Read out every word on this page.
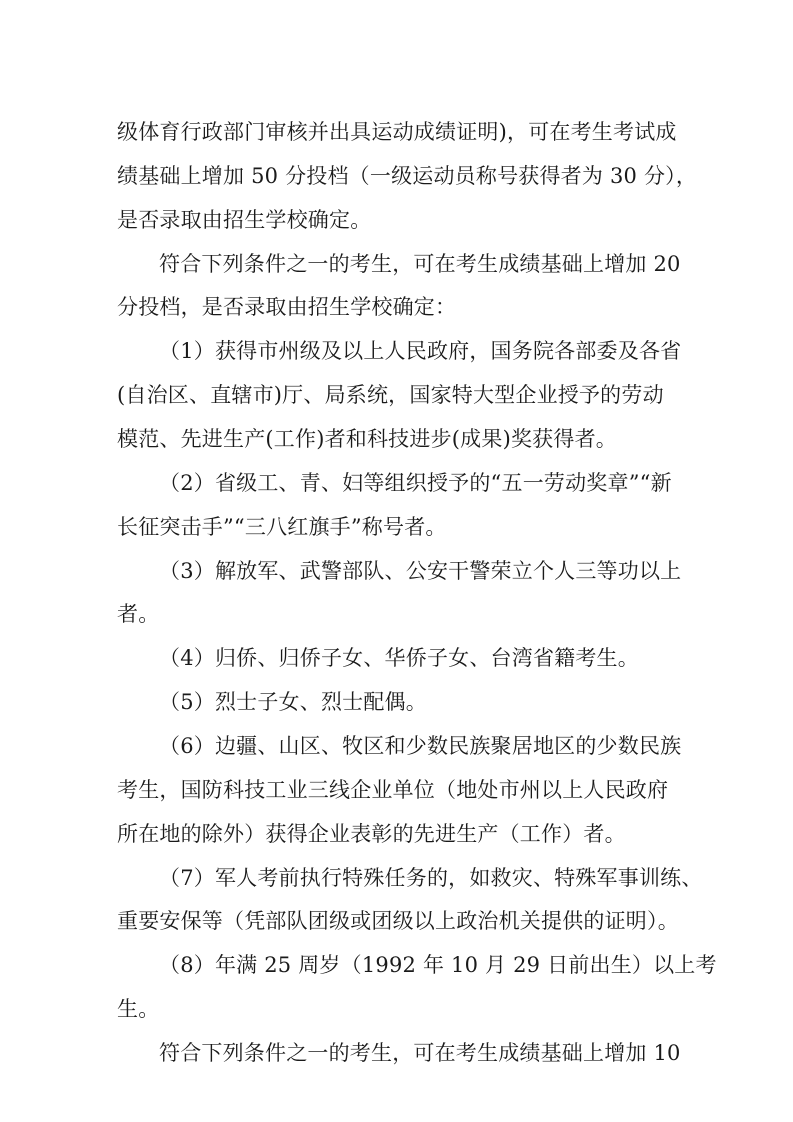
级体育行政部门审核并出具运动成绩证明)，可在考生考试成
绩基础上增加 50 分投档（一级运动员称号获得者为 30 分），
是否录取由招生学校确定。
符合下列条件之一的考生，可在考生成绩基础上增加 20
分投档，是否录取由招生学校确定：
（1）获得市州级及以上人民政府，国务院各部委及各省
(自治区、直辖市)厅、局系统，国家特大型企业授予的劳动
模范、先进生产(工作)者和科技进步(成果)奖获得者。
（2）省级工、青、妇等组织授予的“五一劳动奖章”“新
长征突击手”“三八红旗手”称号者。
（3）解放军、武警部队、公安干警荣立个人三等功以上
者。
（4）归侨、归侨子女、华侨子女、台湾省籍考生。
（5）烈士子女、烈士配偶。
（6）边疆、山区、牧区和少数民族聚居地区的少数民族
考生，国防科技工业三线企业单位（地处市州以上人民政府
所在地的除外）获得企业表彰的先进生产（工作）者。
（7）军人考前执行特殊任务的，如救灾、特殊军事训练、
重要安保等（凭部队团级或团级以上政治机关提供的证明）。
（8）年满 25 周岁（1992 年 10 月 29 日前出生）以上考
生。
符合下列条件之一的考生，可在考生成绩基础上增加 10
